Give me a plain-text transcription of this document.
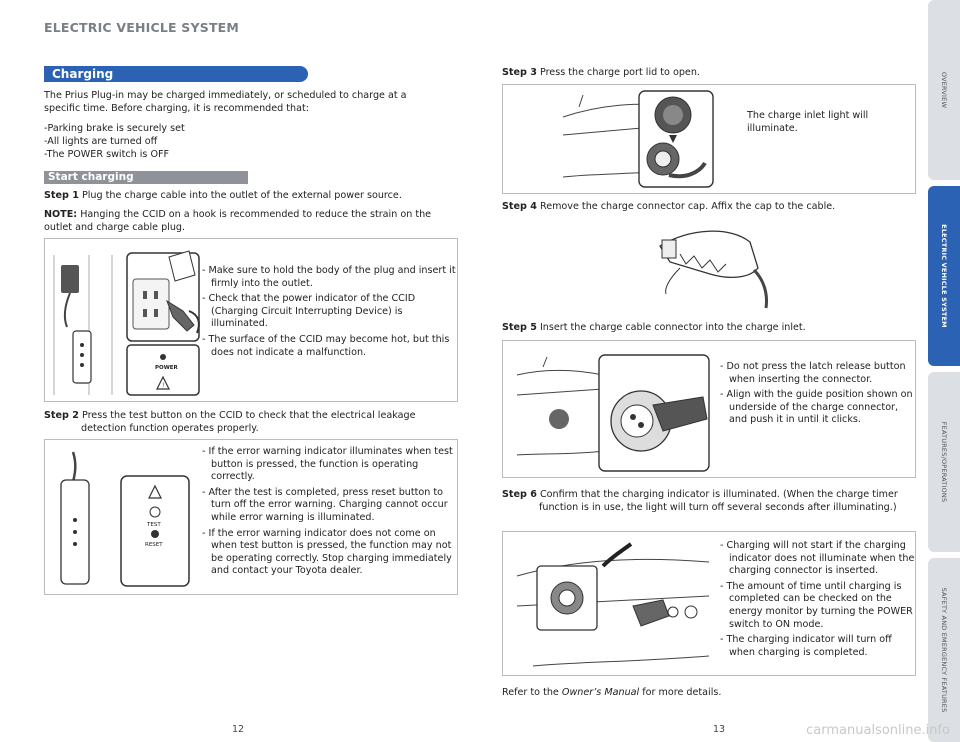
ELECTRIC VEHICLE SYSTEM
Charging
The Prius Plug-in may be charged immediately, or scheduled to charge at a specific time. Before charging, it is recommended that:
-Parking brake is securely set
-All lights are turned off
-The POWER switch is OFF
Start charging
Step 1 Plug the charge cable into the outlet of the external power source.
NOTE: Hanging the CCID on a hook is recommended to reduce the strain on the outlet and charge cable plug.
POWER
!
- Make sure to hold the body of the plug and insert it firmly into the outlet.
- Check that the power indicator of the CCID (Charging Circuit Interrupting Device) is illuminated.
- The surface of the CCID may become hot, but this does not indicate a malfunction.
Step 2 Press the test button on the CCID to check that the electrical leakage detection function operates properly.
TEST
RESET
- If the error warning indicator illuminates when test button is pressed, the function is operating correctly.
- After the test is completed, press reset button to turn off the error warning. Charging cannot occur while error warning is illuminated.
- If the error warning indicator does not come on when test button is pressed, the function may not be operating correctly. Stop charging immediately and contact your Toyota dealer.
12
Step 3 Press the charge port lid to open.
The charge inlet light will illuminate.
Step 4 Remove the charge connector cap. Affix the cap to the cable.
Step 5 Insert the charge cable connector into the charge inlet.
- Do not press the latch release button when inserting the connector.
- Align with the guide position shown on underside of the charge connector, and push it in until it clicks.
Step 6 Confirm that the charging indicator is illuminated. (When the charge timer function is in use, the light will turn off several seconds after illuminating.)
- Charging will not start if the charging indicator does not illuminate when the charging connector is inserted.
- The amount of time until charging is completed can be checked on the energy monitor by turning the POWER switch to ON mode.
- The charging indicator will turn off when charging is completed.
Refer to the Owner’s Manual for more details.
13
OVERVIEW
ELECTRIC VEHICLE SYSTEM
FEATURES/OPERATIONS
SAFETY AND EMERGENCY FEATURES
carmanualsonline.info
